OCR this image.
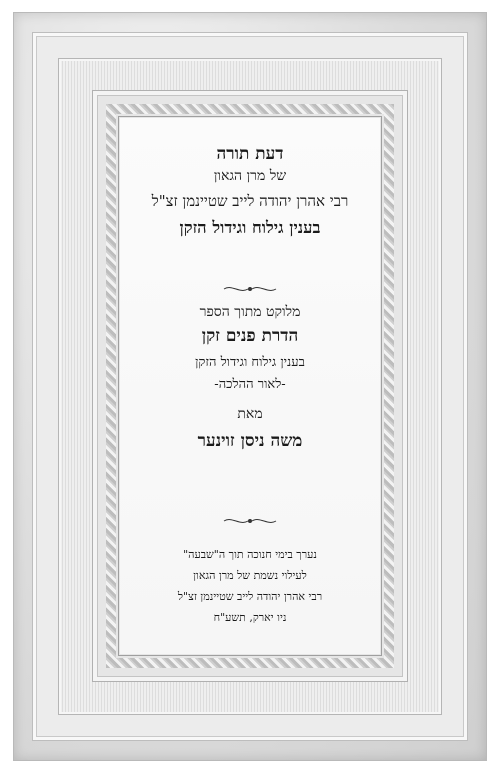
דעת תורה
של מרן הגאון
רבי אהרן יהודה לייב שטיינמן זצ"ל
בענין גילוח וגידול הזקן
מלוקט מתוך הספר
הדרת פנים זקן
בענין גילוח וגידול הזקן
-לאור ההלכה-
מאת
משה ניסן זוינער
נערך בימי חנוכה תוך ה"שבעה"
לעילוי נשמת של מרן הגאון
רבי אהרן יהודה לייב שטיינמן זצ"ל
ניו יארק, תשע"ח
